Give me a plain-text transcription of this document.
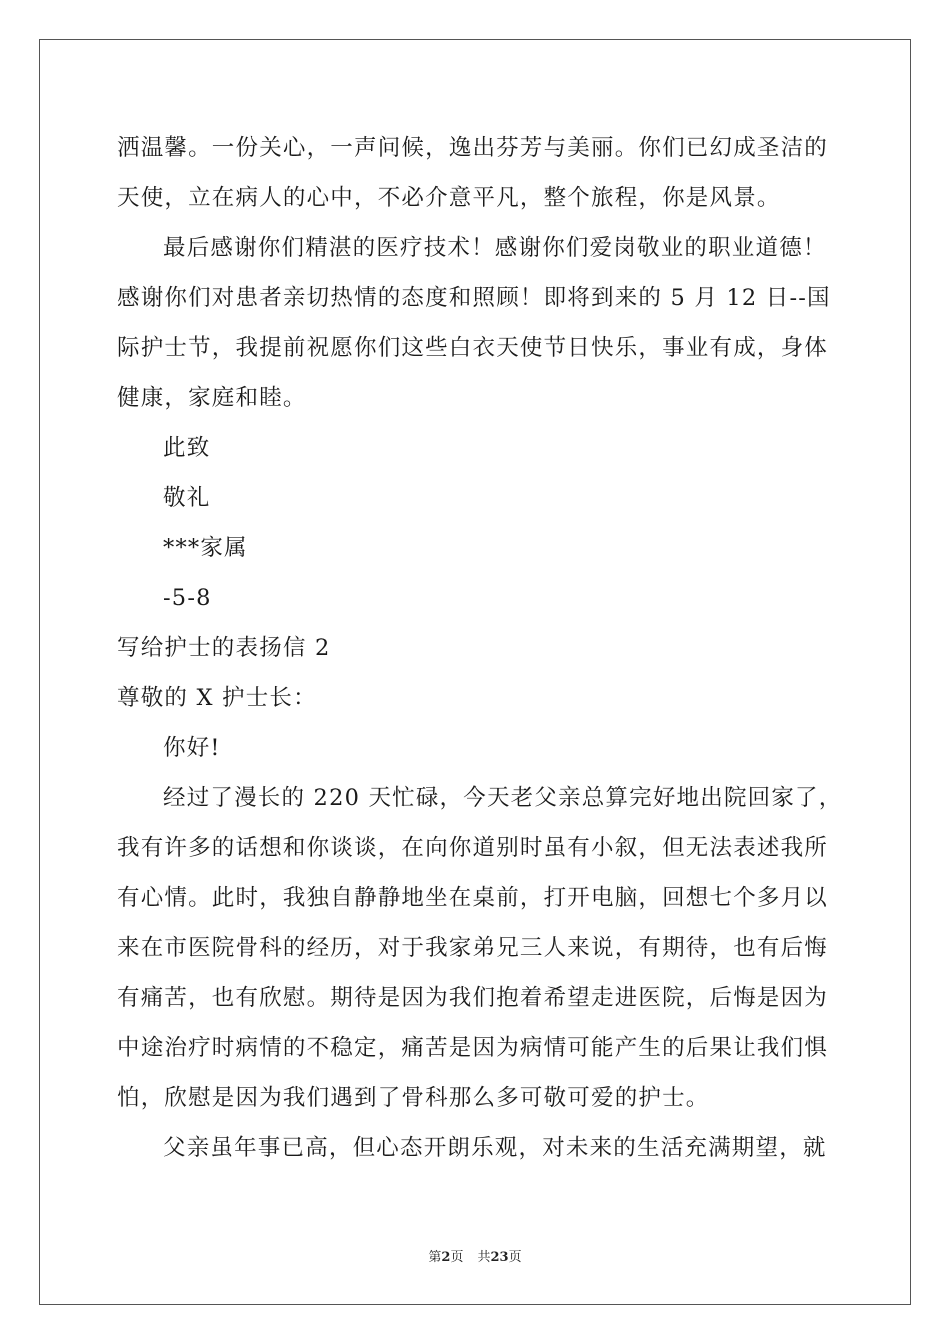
洒温馨。一份关心，一声问候，逸出芬芳与美丽。你们已幻成圣洁的
天使，立在病人的心中，不必介意平凡，整个旅程，你是风景。
最后感谢你们精湛的医疗技术！感谢你们爱岗敬业的职业道德！
感谢你们对患者亲切热情的态度和照顾！即将到来的 5 月 12 日--国
际护士节，我提前祝愿你们这些白衣天使节日快乐，事业有成，身体
健康，家庭和睦。
此致
敬礼
***家属
-5-8
写给护士的表扬信 2
尊敬的 X 护士长：
你好!
经过了漫长的 220 天忙碌，今天老父亲总算完好地出院回家了，
我有许多的话想和你谈谈，在向你道别时虽有小叙，但无法表述我所
有心情。此时，我独自静静地坐在桌前，打开电脑，回想七个多月以
来在市医院骨科的经历，对于我家弟兄三人来说，有期待，也有后悔
有痛苦，也有欣慰。期待是因为我们抱着希望走进医院，后悔是因为
中途治疗时病情的不稳定，痛苦是因为病情可能产生的后果让我们惧
怕，欣慰是因为我们遇到了骨科那么多可敬可爱的护士。
父亲虽年事已高，但心态开朗乐观，对未来的生活充满期望，就
第2页 共23页
